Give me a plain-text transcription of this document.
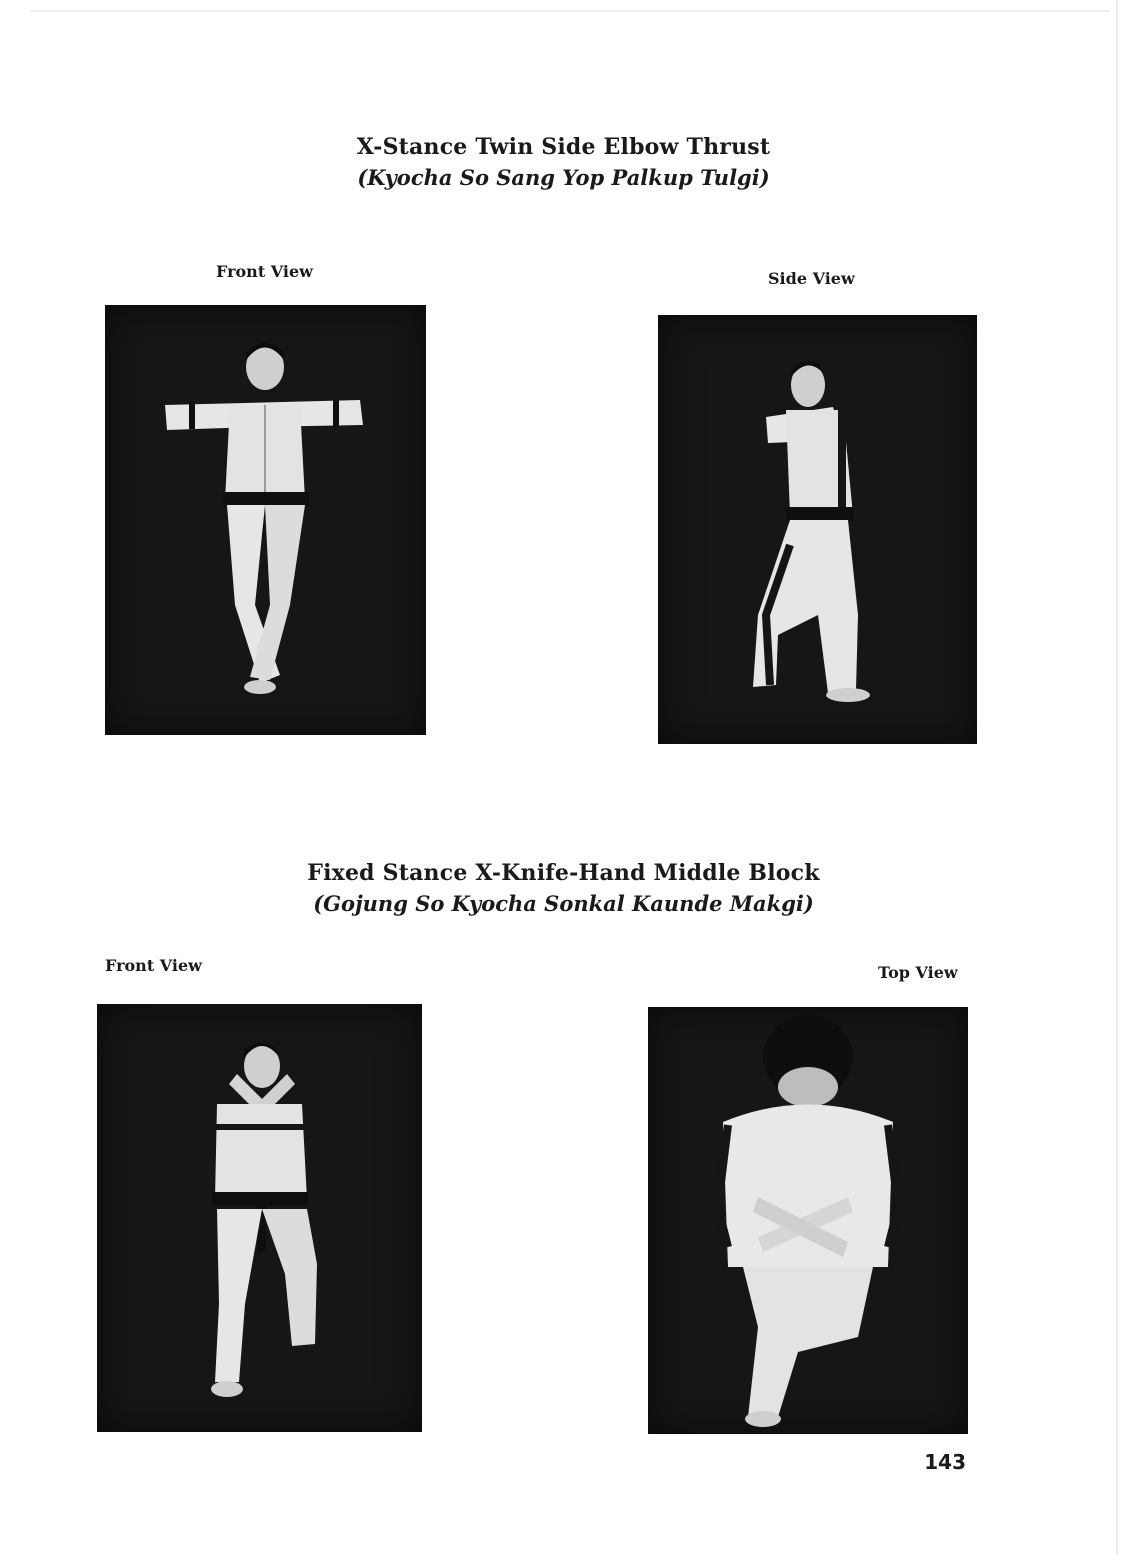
X-Stance Twin Side Elbow Thrust
(Kyocha So Sang Yop Palkup Tulgi)
Front View	Side View
Fixed Stance X-Knife-Hand Middle Block
(Gojung So Kyocha Sonkal Kaunde Makgi)
Front View	Top View
143
